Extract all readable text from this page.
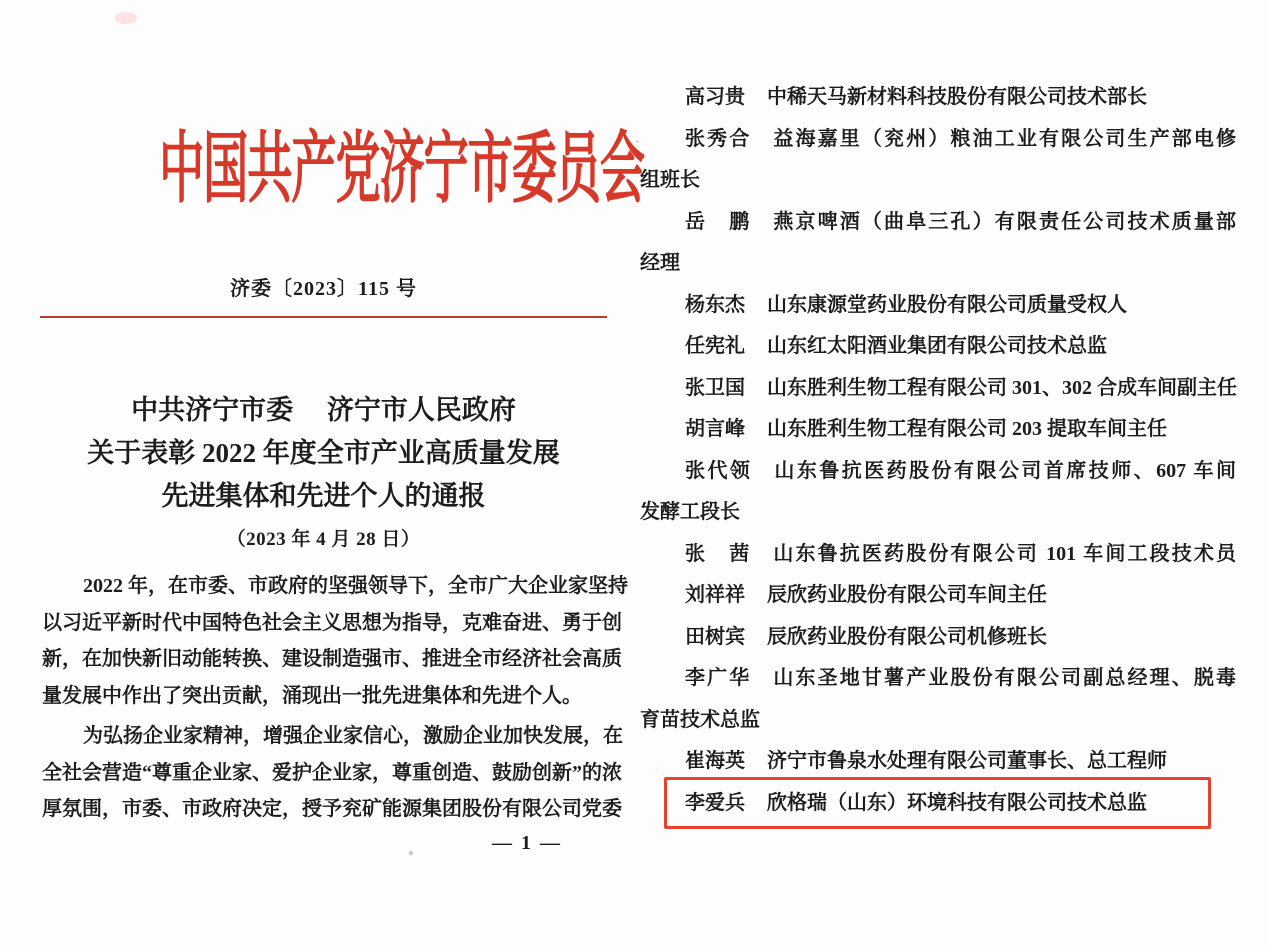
中国共产党济宁市委员会
济委〔2023〕115 号
中共济宁市委　 济宁市人民政府
关于表彰 2022 年度全市产业高质量发展
先进集体和先进个人的通报
（2023 年 4 月 28 日）
2022 年，在市委、市政府的坚强领导下，全市广大企业家坚持
以习近平新时代中国特色社会主义思想为指导，克难奋进、勇于创
新，在加快新旧动能转换、建设制造强市、推进全市经济社会高质
量发展中作出了突出贡献，涌现出一批先进集体和先进个人。
为弘扬企业家精神，增强企业家信心，激励企业加快发展，在
全社会营造“尊重企业家、爱护企业家，尊重创造、鼓励创新”的浓
厚氛围，市委、市政府决定，授予兖矿能源集团股份有限公司党委
— 1 —
高习贵 中稀天马新材料科技股份有限公司技术部长
张秀合 益海嘉里（兖州）粮油工业有限公司生产部电修
组班长
岳　鹏 燕京啤酒（曲阜三孔）有限责任公司技术质量部
经理
杨东杰 山东康源堂药业股份有限公司质量受权人
任宪礼 山东红太阳酒业集团有限公司技术总监
张卫国 山东胜利生物工程有限公司 301、302 合成车间副主任
胡言峰 山东胜利生物工程有限公司 203 提取车间主任
张代领 山东鲁抗医药股份有限公司首席技师、607 车间
发酵工段长
张　茜 山东鲁抗医药股份有限公司 101 车间工段技术员
刘祥祥 辰欣药业股份有限公司车间主任
田树宾 辰欣药业股份有限公司机修班长
李广华 山东圣地甘薯产业股份有限公司副总经理、脱毒
育苗技术总监
崔海英 济宁市鲁泉水处理有限公司董事长、总工程师
李爱兵 欣格瑞（山东）环境科技有限公司技术总监
